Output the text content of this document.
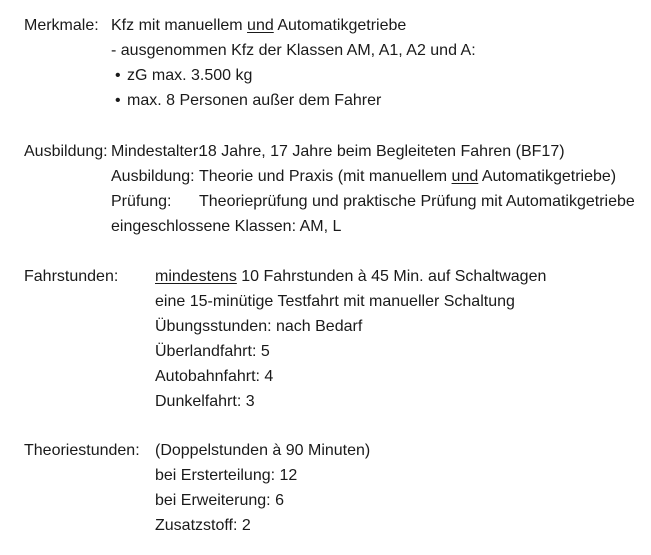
Merkmale: Kfz mit manuellem und Automatikgetriebe
- ausgenommen Kfz der Klassen AM, A1, A2 und A:
• zG max. 3.500 kg
• max. 8 Personen außer dem Fahrer
Ausbildung: Mindestalter:18 Jahre, 17 Jahre beim Begleiteten Fahren (BF17)
Ausbildung: Theorie und Praxis (mit manuellem und Automatikgetriebe)
Prüfung: Theorieprüfung und praktische Prüfung mit Automatikgetriebe
eingeschlossene Klassen: AM, L
Fahrstunden: mindestens 10 Fahrstunden à 45 Min. auf Schaltwagen
eine 15-minütige Testfahrt mit manueller Schaltung
Übungsstunden: nach Bedarf
Überlandfahrt: 5
Autobahnfahrt: 4
Dunkelfahrt: 3
Theoriestunden: (Doppelstunden à 90 Minuten)
bei Ersterteilung: 12
bei Erweiterung: 6
Zusatzstoff: 2
